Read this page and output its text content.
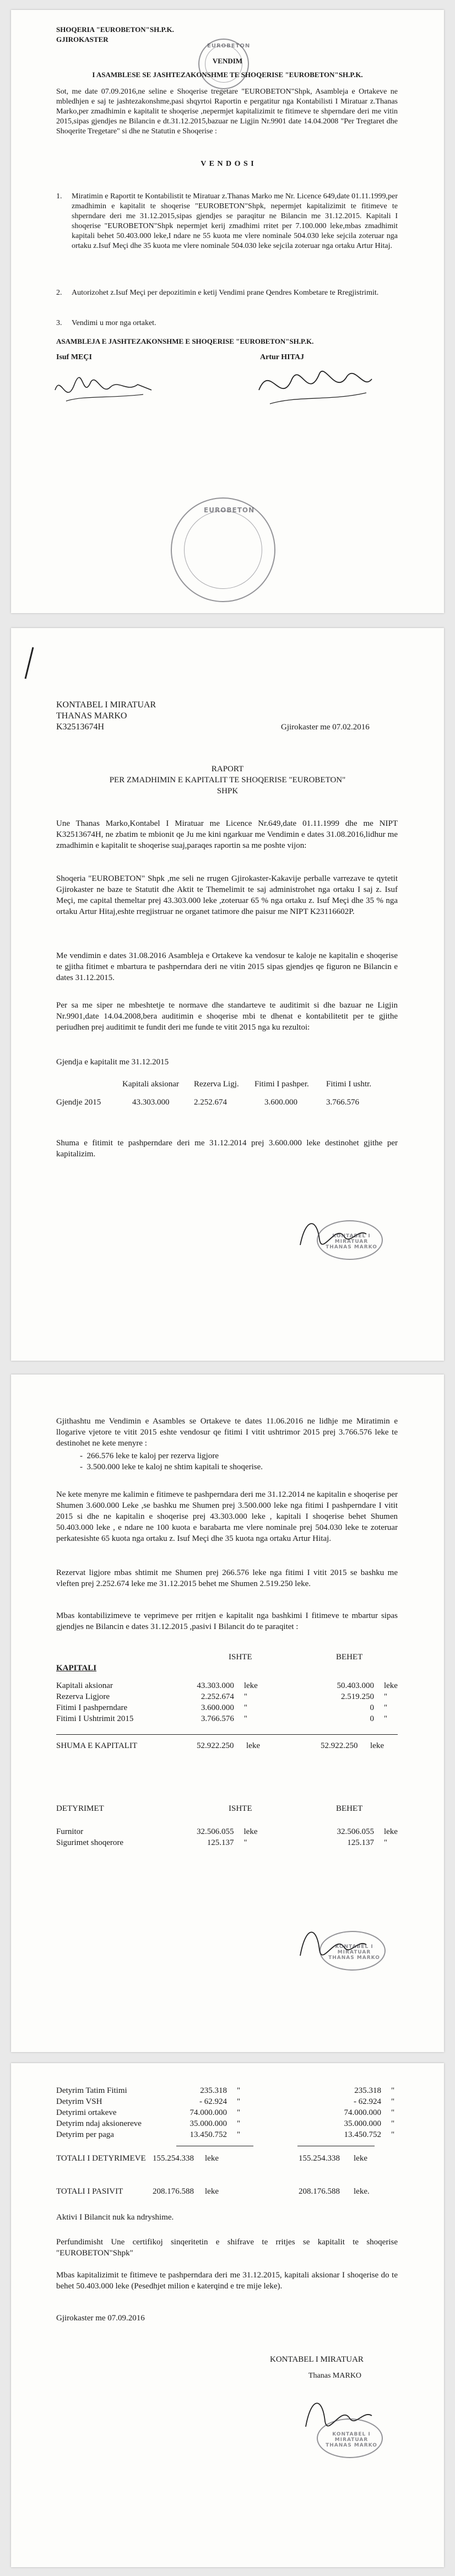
SHOQERIA "EUROBETON"SH.P.K.
GJIROKASTER
EUROBETON
VENDIM
I ASAMBLESE SE JASHTEZAKONSHME TE SHOQERISE "EUROBETON"SH.P.K.
Sot, me date 07.09.2016,ne seline e Shoqerise tregetare "EUROBETON"Shpk, Asambleja e Ortakeve ne mbledhjen e saj te jashtezakonshme,pasi shqyrtoi Raportin e pergatitur nga Kontabilisti I Miratuar z.Thanas Marko,per zmadhimin e kapitalit te shoqerise ,nepermjet kapitalizimit te fitimeve te shperndare deri me vitin 2015,sipas gjendjes ne Bilancin e dt.31.12.2015,bazuar ne Ligjin Nr.9901 date 14.04.2008 "Per Tregtaret dhe Shoqerite Tregetare" si dhe ne Statutin e Shoqerise :
V E N D O S I
1. Miratimin e Raportit te Kontabilistit te Miratuar z.Thanas Marko me Nr. Licence 649,date 01.11.1999,per zmadhimin e kapitalit te shoqerise "EUROBETON"Shpk, nepermjet kapitalizimit te fitimeve te shperndare deri me 31.12.2015,sipas gjendjes se paraqitur ne Bilancin me 31.12.2015. Kapitali I shoqerise "EUROBETON"Shpk nepermjet kerij zmadhimi rritet per 7.100.000 leke,mbas zmadhimit kapitali behet 50.403.000 leke,I ndare ne 55 kuota me vlere nominale 504.030 leke sejcila zoteruar nga ortaku z.Isuf Meçi dhe 35 kuota me vlere nominale 504.030 leke sejcila zoteruar nga ortaku Artur Hitaj.
2. Autorizohet z.Isuf Meçi per depozitimin e ketij Vendimi prane Qendres Kombetare te Rregjistrimit.
3. Vendimi u mor nga ortaket.
ASAMBLEJA E JASHTEZAKONSHME E SHOQERISE "EUROBETON"SH.P.K.
Isuf MEÇI	Artur HITAJ
EUROBETON
KONTABEL I MIRATUAR
THANAS MARKO
K32513674H	Gjirokaster me 07.02.2016
RAPORT
PER ZMADHIMIN E KAPITALIT TE SHOQERISE "EUROBETON"
SHPK
Une Thanas Marko,Kontabel I Miratuar me Licence Nr.649,date 01.11.1999 dhe me NIPT K32513674H, ne zbatim te mbionit qe Ju me kini ngarkuar me Vendimin e dates 31.08.2016,lidhur me zmadhimin e kapitalit te shoqerise suaj,paraqes raportin sa me poshte vijon:
Shoqeria "EUROBETON" Shpk ,me seli ne rrugen Gjirokaster-Kakavije perballe varrezave te qytetit Gjirokaster ne baze te Statutit dhe Aktit te Themelimit te saj administrohet nga ortaku I saj z. Isuf Meçi, me capital themeltar prej 43.303.000 leke ,zoteruar 65 % nga ortaku z. Isuf Meçi dhe 35 % nga ortaku Artur Hitaj,eshte rregjistruar ne organet tatimore dhe paisur me NIPT K23116602P.
Me vendimin e dates 31.08.2016 Asambleja e Ortakeve ka vendosur te kaloje ne kapitalin e shoqerise te gjitha fitimet e mbartura te pashperndara deri ne vitin 2015 sipas gjendjes qe figuron ne Bilancin e dates 31.12.2015.
Per sa me siper ne mbeshtetje te normave dhe standarteve te auditimit si dhe bazuar ne Ligjin Nr.9901,date 14.04.2008,bera auditimin e shoqerise mbi te dhenat e kontabilitetit per te gjithe periudhen prej auditimit te fundit deri me funde te vitit 2015 nga ku rezultoi:
Gjendja e kapitalit me 31.12.2015
	Kapitali aksionar	Rezerva Ligj.	Fitimi I pashper.	Fitimi I ushtr.
Gjendje 2015	43.303.000	2.252.674	3.600.000	3.766.576
Shuma e fitimit te pashperndare deri me 31.12.2014 prej 3.600.000 leke destinohet gjithe per kapitalizim.
KONTABEL I MIRATUAR THANAS MARKO
Gjithashtu me Vendimin e Asambles se Ortakeve te dates 11.06.2016 ne lidhje me Miratimin e llogarive vjetore te vitit 2015 eshte vendosur qe fitimi I vitit ushtrimor 2015 prej 3.766.576 leke te destinohet ne kete menyre :
-  266.576 leke te kaloj per rezerva ligjore
-  3.500.000 leke te kaloj ne shtim kapitali te shoqerise.
Ne kete menyre me kalimin e fitimeve te pashperndara deri me 31.12.2014 ne kapitalin e shoqerise per Shumen 3.600.000 Leke ,se bashku me Shumen prej 3.500.000 leke nga fitimi I pashperndare I vitit 2015 si dhe ne kapitalin e shoqerise prej 43.303.000 leke , kapitali I shoqerise behet Shumen 50.403.000 leke , e ndare ne 100 kuota e barabarta me vlere nominale prej 504.030 leke te zoteruar perkatesishte 65 kuota nga ortaku z. Isuf Meçi dhe 35 kuota nga ortaku Artur Hitaj.
Rezervat ligjore mbas shtimit me Shumen prej 266.576 leke nga fitimi I vitit 2015 se bashku me vleften prej 2.252.674 leke me 31.12.2015 behet me Shumen 2.519.250 leke.
Mbas kontabilizimeve te veprimeve per rritjen e kapitalit nga bashkimi I fitimeve te mbartur sipas gjendjes ne Bilancin e dates 31.12.2015 ,pasivi I Bilancit do te paraqitet :
ISHTE	BEHET
KAPITALI
Kapitali aksionar	43.303.000	leke	50.403.000	leke
Rezerva Ligjore	2.252.674	"	2.519.250	"
Fitimi I pashperndare	3.600.000	"	0	"
Fitimi I Ushtrimit 2015	3.766.576	"	0	"
SHUMA E KAPITALIT	52.922.250 leke	52.922.250 leke
DETYRIMET	ISHTE	BEHET
Furnitor	32.506.055	leke	32.506.055	leke
Sigurimet shoqerore	125.137	"	125.137	"
KONTABEL I MIRATUAR THANAS MARKO
Detyrim Tatim Fitimi	235.318	"	235.318	"
Detyrim VSH	- 62.924	"	- 62.924	"
Detyrimi ortakeve	74.000.000	"	74.000.000	"
Detyrim ndaj aksionereve	35.000.000	"	35.000.000	"
Detyrim per paga	13.450.752	"	13.450.752	"
TOTALI I DETYRIMEVE 155.254.338 leke	155.254.338 leke
TOTALI I PASIVIT	208.176.588 leke	208.176.588 leke.
Aktivi I Bilancit nuk ka ndryshime.
Perfundimisht Une certifikoj sinqeritetin e shifrave te rritjes se kapitalit te shoqerise "EUROBETON"Shpk"
Mbas kapitalizimit te fitimeve te pashperndara deri me 31.12.2015, kapitali aksionar I shoqerise do te behet 50.403.000 leke (Pesedhjet milion e katerqind e tre mije leke).
Gjirokaster me 07.09.2016
KONTABEL I MIRATUAR
Thanas MARKO
KONTABEL I MIRATUAR THANAS MARKO
